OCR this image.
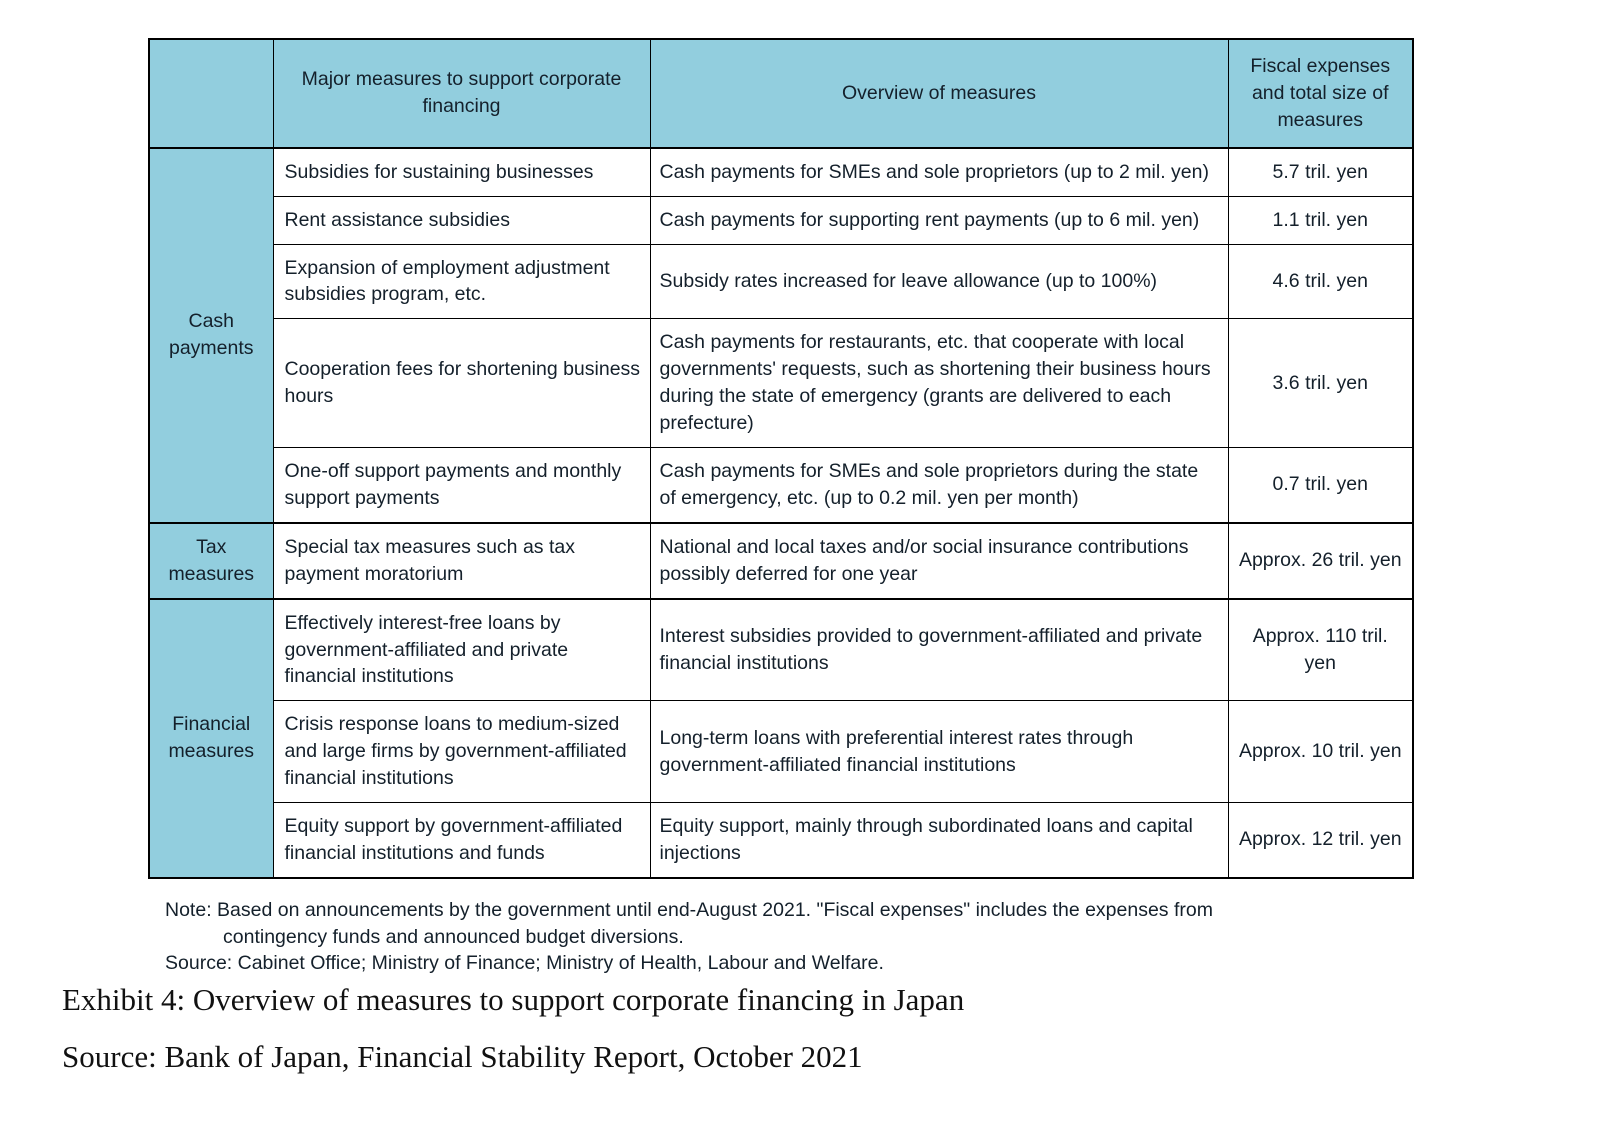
	Major measures to support corporate financing	Overview of measures	Fiscal expenses and total size of measures
Cash payments	Subsidies for sustaining businesses	Cash payments for SMEs and sole proprietors (up to 2 mil. yen)	5.7 tril. yen
	Rent assistance subsidies	Cash payments for supporting rent payments (up to 6 mil. yen)	1.1 tril. yen
	Expansion of employment adjustment subsidies program, etc.	Subsidy rates increased for leave allowance (up to 100%)	4.6 tril. yen
	Cooperation fees for shortening business hours	Cash payments for restaurants, etc. that cooperate with local governments' requests, such as shortening their business hours during the state of emergency (grants are delivered to each prefecture)	3.6 tril. yen
	One-off support payments and monthly support payments	Cash payments for SMEs and sole proprietors during the state of emergency, etc. (up to 0.2 mil. yen per month)	0.7 tril. yen
Tax measures	Special tax measures such as tax payment moratorium	National and local taxes and/or social insurance contributions possibly deferred for one year	Approx. 26 tril. yen
Financial measures	Effectively interest-free loans by government-affiliated and private financial institutions	Interest subsidies provided to government-affiliated and private financial institutions	Approx. 110 tril. yen
	Crisis response loans to medium-sized and large firms by government-affiliated financial institutions	Long-term loans with preferential interest rates through government-affiliated financial institutions	Approx. 10 tril. yen
	Equity support by government-affiliated financial institutions and funds	Equity support, mainly through subordinated loans and capital injections	Approx. 12 tril. yen
Note: Based on announcements by the government until end-August 2021. "Fiscal expenses" includes the expenses from
contingency funds and announced budget diversions.
Source: Cabinet Office; Ministry of Finance; Ministry of Health, Labour and Welfare.
Exhibit 4: Overview of measures to support corporate financing in Japan
Source: Bank of Japan, Financial Stability Report, October 2021
